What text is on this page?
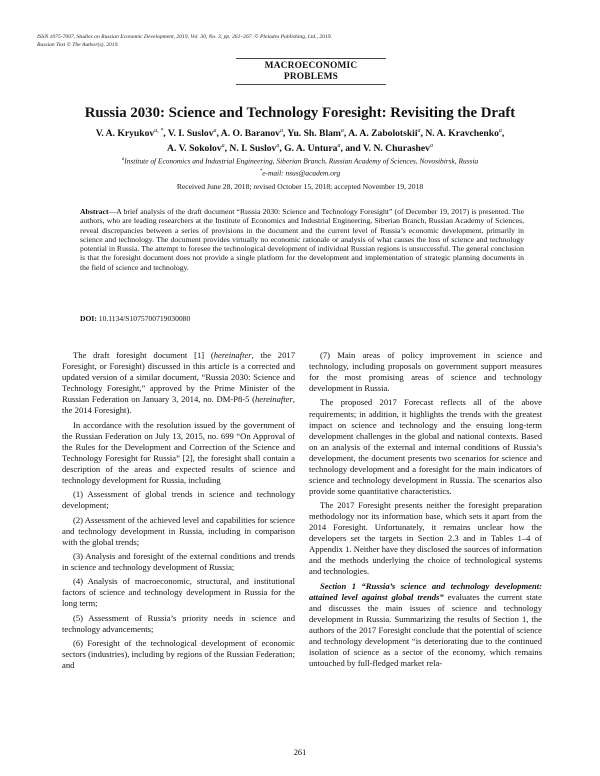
ISSN 1075-7007, Studies on Russian Economic Development, 2019, Vol. 30, No. 3, pp. 261–267. © Pleiades Publishing, Ltd., 2019.
Russian Text © The Author(s), 2019.
MACROECONOMIC
PROBLEMS
Russia 2030: Science and Technology Foresight: Revisiting the Draft
V. A. Kryukov$^{a, *}$, V. I. Suslov$^a$, A. O. Baranov$^a$, Yu. Sh. Blam$^a$, A. A. Zabolotskii$^a$, N. A. Kravchenko$^a$,
A. V. Sokolov$^a$, N. I. Suslov$^a$, G. A. Untura$^a$, and V. N. Churashev$^a$
$^a$Institute of Economics and Industrial Engineering, Siberian Branch, Russian Academy of Sciences, Novosibirsk, Russia
*e-mail: nsus@academ.org
Received June 28, 2018; revised October 15, 2018; accepted November 19, 2018
Abstract—A brief analysis of the draft document “Russia 2030: Science and Technology Foresight” (of December 19, 2017) is presented. The authors, who are leading researchers at the Institute of Economics and Industrial Engineering, Siberian Branch, Russian Academy of Sciences, reveal discrepancies between a series of provisions in the document and the current level of Russia’s economic development, primarily in science and technology. The document provides virtually no economic rationale or analysis of what causes the loss of science and technology potential in Russia. The attempt to foresee the technological development of individual Russian regions is unsuccessful. The general conclusion is that the foresight document does not provide a single platform for the development and implementation of strategic planning documents in the field of science and technology.
DOI: 10.1134/S1075700719030080

The draft foresight document [1] (hereinafter, the 2017 Foresight, or Foresight) discussed in this article is a corrected and updated version of a similar document, “Russia 2030: Science and Technology Foresight,” approved by the Prime Minister of the Russian Federation on January 3, 2014, no. DM-P8-5 (hereinafter, the 2014 Foresight).

In accordance with the resolution issued by the government of the Russian Federation on July 13, 2015, no. 699 “On Approval of the Rules for the Development and Correction of the Science and Technology Foresight for Russia” [2], the foresight shall contain a description of the areas and expected results of science and technology development for Russia, including

(1) Assessment of global trends in science and technology development;

(2) Assessment of the achieved level and capabilities for science and technology development in Russia, including in comparison with the global trends;

(3) Analysis and foresight of the external conditions and trends in science and technology development of Russia;

(4) Analysis of macroeconomic, structural, and institutional factors of science and technology development in Russia for the long term;

(5) Assessment of Russia’s priority needs in science and technology advancements;

(6) Foresight of the technological development of economic sectors (industries), including by regions of the Russian Federation; and

(7) Main areas of policy improvement in science and technology, including proposals on government support measures for the most promising areas of science and technology development in Russia.

The proposed 2017 Forecast reflects all of the above requirements; in addition, it highlights the trends with the greatest impact on science and technology and the ensuing long-term development challenges in the global and national contexts. Based on an analysis of the external and internal conditions of Russia’s development, the document presents two scenarios for science and technology development and a foresight for the main indicators of science and technology development in Russia. The scenarios also provide some quantitative characteristics.

The 2017 Foresight presents neither the foresight preparation methodology nor its information base, which sets it apart from the 2014 Foresight. Unfortunately, it remains unclear how the developers set the targets in Section 2.3 and in Tables 1–4 of Appendix 1. Neither have they disclosed the sources of information and the methods underlying the choice of technological systems and technologies.

Section 1 “Russia’s science and technology development: attained level against global trends” evaluates the current state and discusses the main issues of science and technology development in Russia. Summarizing the results of Section 1, the authors of the 2017 Foresight conclude that the potential of science and technology development “is deteriorating due to the continued isolation of science as a sector of the economy, which remains untouched by full-fledged market rela-

261
